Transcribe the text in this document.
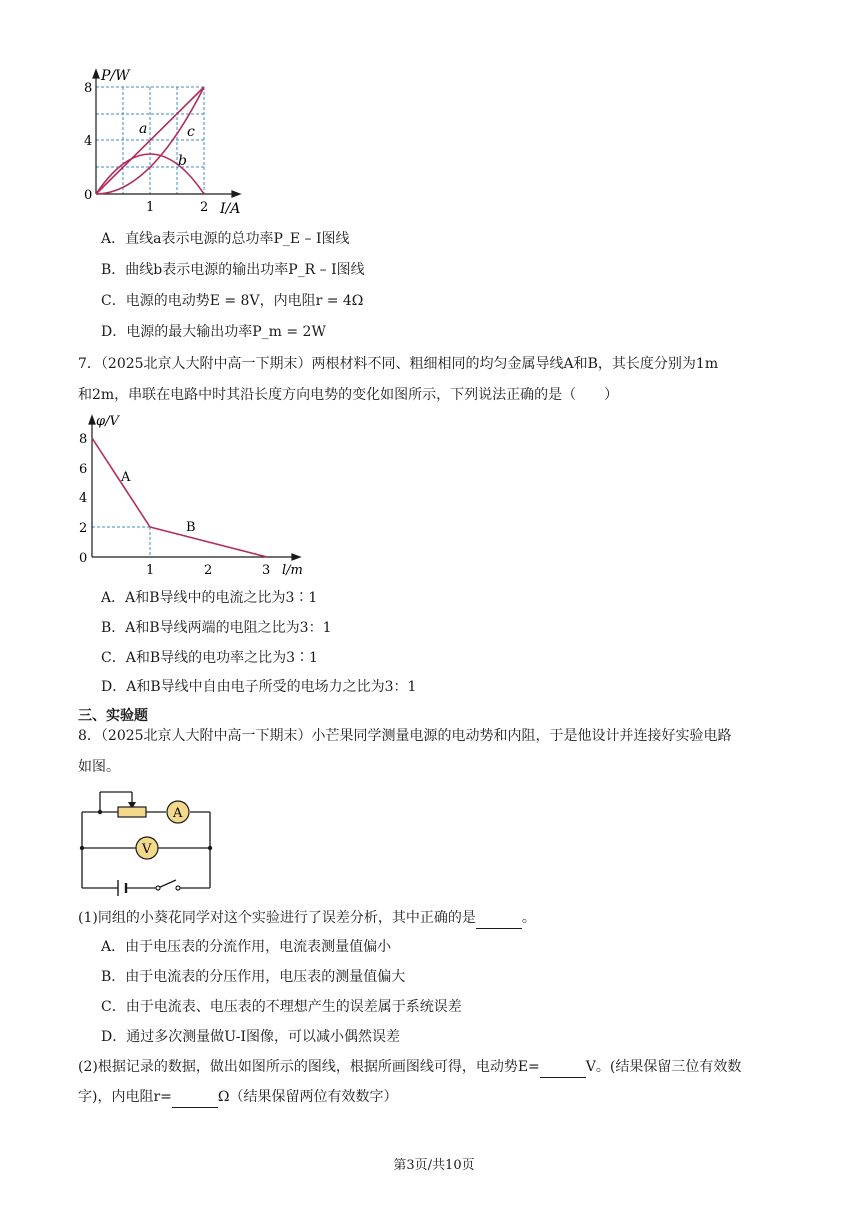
P/W
8
4
0
1	2 I/A
a
b
c
A．直线a表示电源的总功率P_E – I图线
B．曲线b表示电源的输出功率P_R – I图线
C．电源的电动势E = 8V，内电阻r = 4Ω
D．电源的最大输出功率P_m = 2W
7．（2025北京人大附中高一下期末）两根材料不同、粗细相同的均匀金属导线A和B，其长度分别为1m
和2m，串联在电路中时其沿长度方向电势的变化如图所示，下列说法正确的是（　　）
φ/V
8
6
4
2
0
1	2	3 l/m
A
B
A．A和B导线中的电流之比为3∶1
B．A和B导线两端的电阻之比为3：1
C．A和B导线的电功率之比为3∶1
D．A和B导线中自由电子所受的电场力之比为3：1
三、实验题
8．（2025北京人大附中高一下期末）小芒果同学测量电源的电动势和内阻，于是他设计并连接好实验电路
如图。
A
V
(1)同组的小葵花同学对这个实验进行了误差分析，其中正确的是	。
A．由于电压表的分流作用，电流表测量值偏小
B．由于电流表的分压作用，电压表的测量值偏大
C．由于电流表、电压表的不理想产生的误差属于系统误差
D．通过多次测量做U-I图像，可以减小偶然误差
(2)根据记录的数据，做出如图所示的图线，根据所画图线可得，电动势E=	V。(结果保留三位有效数
字)，内电阻r=	Ω（结果保留两位有效数字）
第3页/共10页
